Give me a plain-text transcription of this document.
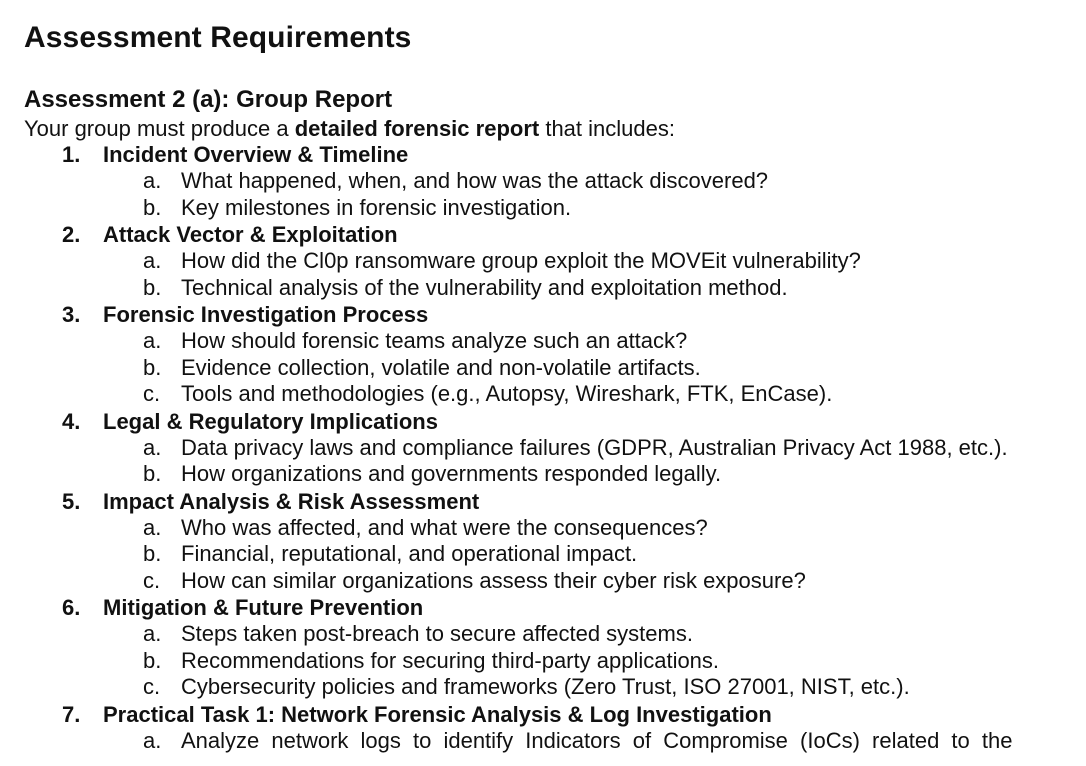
Assessment Requirements
Assessment 2 (a): Group Report

Your group must produce a detailed forensic report that includes:

1. Incident Overview & Timeline
a. What happened, when, and how was the attack discovered?
b. Key milestones in forensic investigation.
2. Attack Vector & Exploitation
a. How did the Cl0p ransomware group exploit the MOVEit vulnerability?
b. Technical analysis of the vulnerability and exploitation method.
3. Forensic Investigation Process
a. How should forensic teams analyze such an attack?
b. Evidence collection, volatile and non-volatile artifacts.
c. Tools and methodologies (e.g., Autopsy, Wireshark, FTK, EnCase).
4. Legal & Regulatory Implications
a. Data privacy laws and compliance failures (GDPR, Australian Privacy Act 1988, etc.).
b. How organizations and governments responded legally.
5. Impact Analysis & Risk Assessment
a. Who was affected, and what were the consequences?
b. Financial, reputational, and operational impact.
c. How can similar organizations assess their cyber risk exposure?
6. Mitigation & Future Prevention
a. Steps taken post-breach to secure affected systems.
b. Recommendations for securing third-party applications.
c. Cybersecurity policies and frameworks (Zero Trust, ISO 27001, NIST, etc.).
7. Practical Task 1: Network Forensic Analysis & Log Investigation
a. Analyze network logs to identify Indicators of Compromise (IoCs) related to the
